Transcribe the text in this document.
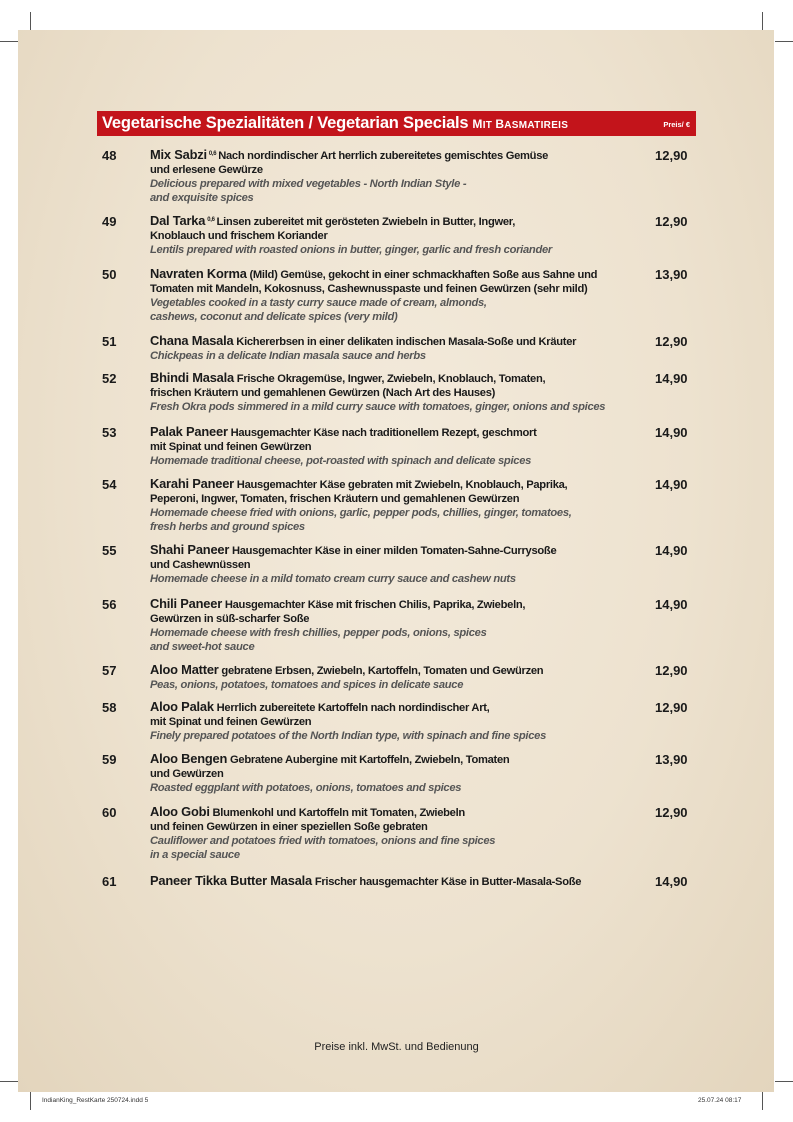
Vegetarische Spezialitäten / Vegetarian Specials MIT BASMATIREIS	Preis/ €
48	Mix Sabzi $^{0,6}$ Nach nordindischer Art herrlich zubereitetes gemischtes Gemüse
und erlesene Gewürze
Delicious prepared with mixed vegetables - North Indian Style -
and exquisite spices
12,90
49	Dal Tarka $^{0,6}$ Linsen zubereitet mit gerösteten Zwiebeln in Butter, Ingwer,
Knoblauch und frischem Koriander
Lentils prepared with roasted onions in butter, ginger, garlic and fresh coriander
12,90
50	Navraten Korma (Mild) Gemüse, gekocht in einer schmackhaften Soße aus Sahne und
Tomaten mit Mandeln, Kokosnuss, Cashewnusspaste und feinen Gewürzen (sehr mild)
Vegetables cooked in a tasty curry sauce made of cream, almonds,
cashews, coconut and delicate spices (very mild)
13,90
51	Chana Masala Kichererbsen in einer delikaten indischen Masala-Soße und Kräuter
Chickpeas in a delicate Indian masala sauce and herbs
12,90
52	Bhindi Masala Frische Okragemüse, Ingwer, Zwiebeln, Knoblauch, Tomaten,
frischen Kräutern und gemahlenen Gewürzen (Nach Art des Hauses)
Fresh Okra pods simmered in a mild curry sauce with tomatoes, ginger, onions and spices
14,90
53	Palak Paneer Hausgemachter Käse nach traditionellem Rezept, geschmort
mit Spinat und feinen Gewürzen
Homemade traditional cheese, pot-roasted with spinach and delicate spices
14,90
54	Karahi Paneer Hausgemachter Käse gebraten mit Zwiebeln, Knoblauch, Paprika,
Peperoni, Ingwer, Tomaten, frischen Kräutern und gemahlenen Gewürzen
Homemade cheese fried with onions, garlic, pepper pods, chillies, ginger, tomatoes,
fresh herbs and ground spices
14,90
55	Shahi Paneer Hausgemachter Käse in einer milden Tomaten-Sahne-Currysoße
und Cashewnüssen
Homemade cheese in a mild tomato cream curry sauce and cashew nuts
14,90
56	Chili Paneer Hausgemachter Käse mit frischen Chilis, Paprika, Zwiebeln,
Gewürzen in süß-scharfer Soße
Homemade cheese with fresh chillies, pepper pods, onions, spices
and sweet-hot sauce
14,90
57	Aloo Matter gebratene Erbsen, Zwiebeln, Kartoffeln, Tomaten und Gewürzen
Peas, onions, potatoes, tomatoes and spices in delicate sauce
12,90
58	Aloo Palak Herrlich zubereitete Kartoffeln nach nordindischer Art,
mit Spinat und feinen Gewürzen
Finely prepared potatoes of the North Indian type, with spinach and fine spices
12,90
59	Aloo Bengen Gebratene Aubergine mit Kartoffeln, Zwiebeln, Tomaten
und Gewürzen
Roasted eggplant with potatoes, onions, tomatoes and spices
13,90
60	Aloo Gobi Blumenkohl und Kartoffeln mit Tomaten, Zwiebeln
und feinen Gewürzen in einer speziellen Soße gebraten
Cauliflower and potatoes fried with tomatoes, onions and fine spices
in a special sauce
12,90
61	Paneer Tikka Butter Masala Frischer hausgemachter Käse in Butter-Masala-Soße	14,90
Preise inkl. MwSt. und Bedienung
IndianKing_RestKarte 250724.indd 5	25.07.24 08:17
